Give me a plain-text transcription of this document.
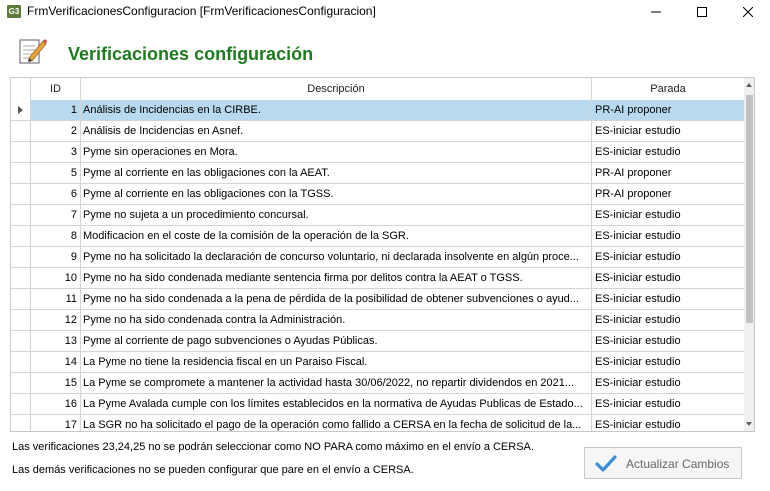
G3 FrmVerificacionesConfiguracion [FrmVerificacionesConfiguracion]
Verificaciones configuración
ID	Descripción	Parada
1 Análisis de Incidencias en la CIRBE.	PR-AI proponer
2 Análisis de Incidencias en Asnef.	ES-iniciar estudio
3 Pyme sin operaciones en Mora.	ES-iniciar estudio
5 Pyme al corriente en las obligaciones con la AEAT.	PR-AI proponer
6 Pyme al corriente en las obligaciones con la TGSS.	PR-AI proponer
7 Pyme no sujeta a un procedimiento concursal.	ES-iniciar estudio
8 Modificacion en el coste de la comisión de la operación de la SGR.	ES-iniciar estudio
9 Pyme no ha solicitado la declaración de concurso voluntario, ni declarada insolvente en algún proce...	ES-iniciar estudio
10 Pyme no ha sido condenada mediante sentencia firma por delitos contra la AEAT o TGSS.	ES-iniciar estudio
11 Pyme no ha sido condenada a la pena de pérdida de la posibilidad de obtener subvenciones o ayud...	ES-iniciar estudio
12 Pyme no ha sido condenada contra la Administración.	ES-iniciar estudio
13 Pyme al corriente de pago subvenciones o Ayudas Públicas.	ES-iniciar estudio
14 La Pyme no tiene la residencia fiscal en un Paraiso Fiscal.	ES-iniciar estudio
15 La Pyme se compromete a mantener la actividad hasta 30/06/2022, no repartir dividendos en 2021...	ES-iniciar estudio
16 La Pyme Avalada cumple con los límites establecidos en la normativa de Ayudas Publicas de Estado...	ES-iniciar estudio
17 La SGR no ha solicitado el pago de la operación como fallido a CERSA en la fecha de solicitud de la...	ES-iniciar estudio
Las verificaciones 23,24,25 no se podrán seleccionar como NO PARA como máximo en el envío a CERSA.
Las demás verificaciones no se pueden configurar que pare en el envío a CERSA.	Actualizar Cambios
